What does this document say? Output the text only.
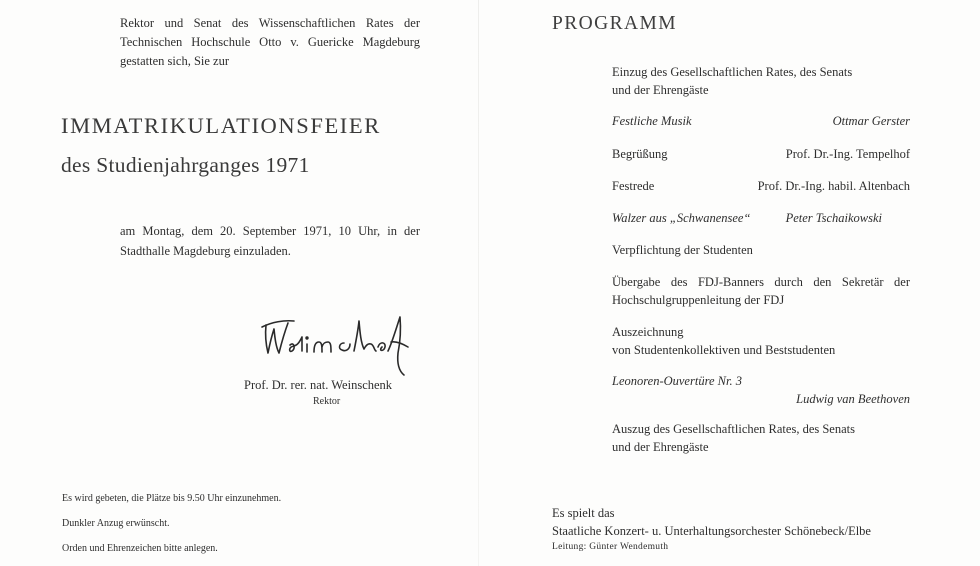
Rektor und Senat des Wissenschaftlichen Rates der
Technischen Hochschule Otto v. Guericke Magdeburg
gestatten sich, Sie zur
IMMATRIKULATIONSFEIER
des Studienjahrganges 1971
am Montag, dem 20. September 1971, 10 Uhr, in der
Stadthalle Magdeburg einzuladen.
Prof. Dr. rer. nat. Weinschenk
Rektor
Es wird gebeten, die Plätze bis 9.50 Uhr einzunehmen.
Dunkler Anzug erwünscht.
Orden und Ehrenzeichen bitte anlegen.
PROGRAMM
Einzug des Gesellschaftlichen Rates, des Senats
und der Ehrengäste
Festliche Musik	Ottmar Gerster
Begrüßung	Prof. Dr.-Ing. Tempelhof
Festrede	Prof. Dr.-Ing. habil. Altenbach
Walzer aus „Schwanensee“	Peter Tschaikowski
Verpflichtung der Studenten
Übergabe des FDJ-Banners durch den Sekretär der
Hochschulgruppenleitung der FDJ
Auszeichnung
von Studentenkollektiven und Beststudenten
Leonoren-Ouvertüre Nr. 3
Ludwig van Beethoven
Auszug des Gesellschaftlichen Rates, des Senats
und der Ehrengäste
Es spielt das
Staatliche Konzert- u. Unterhaltungsorchester Schönebeck/Elbe
Leitung: Günter Wendemuth
